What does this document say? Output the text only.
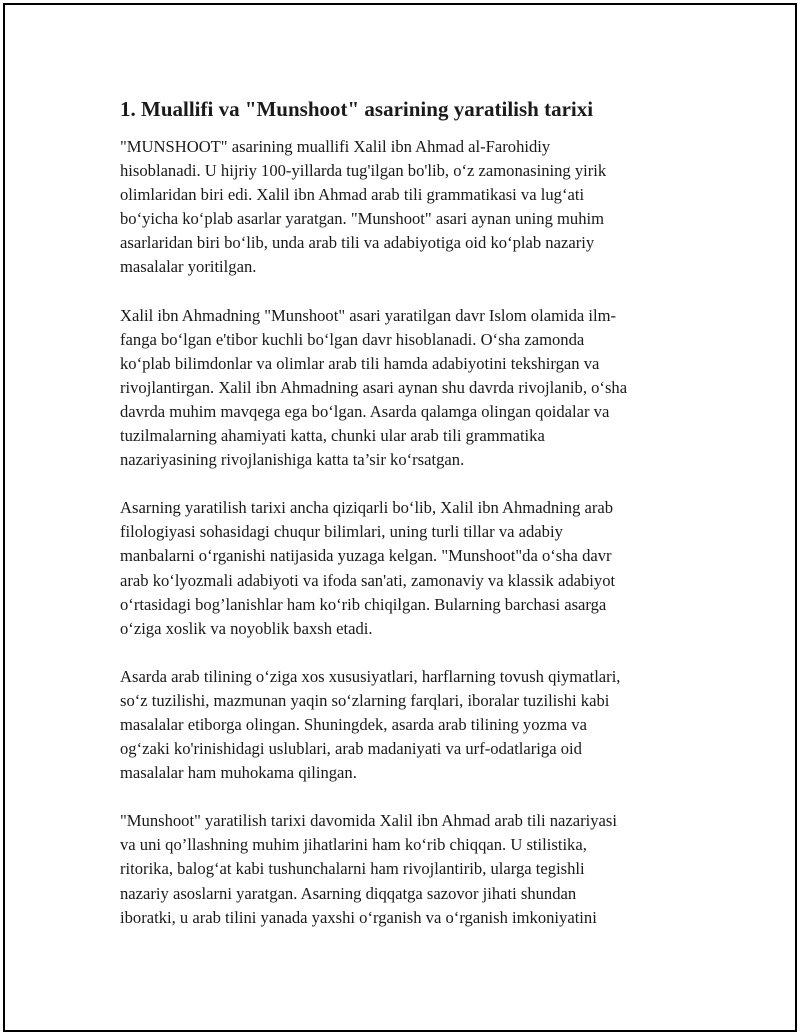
1. Muallifi va "Munshoot" asarining yaratilish tarixi

"MUNSHOOT" asarining muallifi Xalil ibn Ahmad al-Farohidiy
hisoblanadi. U hijriy 100-yillarda tug'ilgan bo'lib, o‘z zamonasining yirik
olimlaridan biri edi. Xalil ibn Ahmad arab tili grammatikasi va lug‘ati
bo‘yicha ko‘plab asarlar yaratgan. "Munshoot" asari aynan uning muhim
asarlaridan biri bo‘lib, unda arab tili va adabiyotiga oid ko‘plab nazariy
masalalar yoritilgan.

Xalil ibn Ahmadning "Munshoot" asari yaratilgan davr Islom olamida ilm-
fanga bo‘lgan e'tibor kuchli bo‘lgan davr hisoblanadi. O‘sha zamonda
ko‘plab bilimdonlar va olimlar arab tili hamda adabiyotini tekshirgan va
rivojlantirgan. Xalil ibn Ahmadning asari aynan shu davrda rivojlanib, o‘sha
davrda muhim mavqega ega bo‘lgan. Asarda qalamga olingan qoidalar va
tuzilmalarning ahamiyati katta, chunki ular arab tili grammatika
nazariyasining rivojlanishiga katta ta’sir ko‘rsatgan.

Asarning yaratilish tarixi ancha qiziqarli bo‘lib, Xalil ibn Ahmadning arab
filologiyasi sohasidagi chuqur bilimlari, uning turli tillar va adabiy
manbalarni o‘rganishi natijasida yuzaga kelgan. "Munshoot"da o‘sha davr
arab ko‘lyozmali adabiyoti va ifoda san'ati, zamonaviy va klassik adabiyot
o‘rtasidagi bog’lanishlar ham ko‘rib chiqilgan. Bularning barchasi asarga
o‘ziga xoslik va noyoblik baxsh etadi.

Asarda arab tilining o‘ziga xos xususiyatlari, harflarning tovush qiymatlari,
so‘z tuzilishi, mazmunan yaqin so‘zlarning farqlari, iboralar tuzilishi kabi
masalalar etiborga olingan. Shuningdek, asarda arab tilining yozma va
og‘zaki ko'rinishidagi uslublari, arab madaniyati va urf-odatlariga oid
masalalar ham muhokama qilingan.

"Munshoot" yaratilish tarixi davomida Xalil ibn Ahmad arab tili nazariyasi
va uni qo’llashning muhim jihatlarini ham ko‘rib chiqqan. U stilistika,
ritorika, balog‘at kabi tushunchalarni ham rivojlantirib, ularga tegishli
nazariy asoslarni yaratgan. Asarning diqqatga sazovor jihati shundan
iboratki, u arab tilini yanada yaxshi o‘rganish va o‘rganish imkoniyatini
